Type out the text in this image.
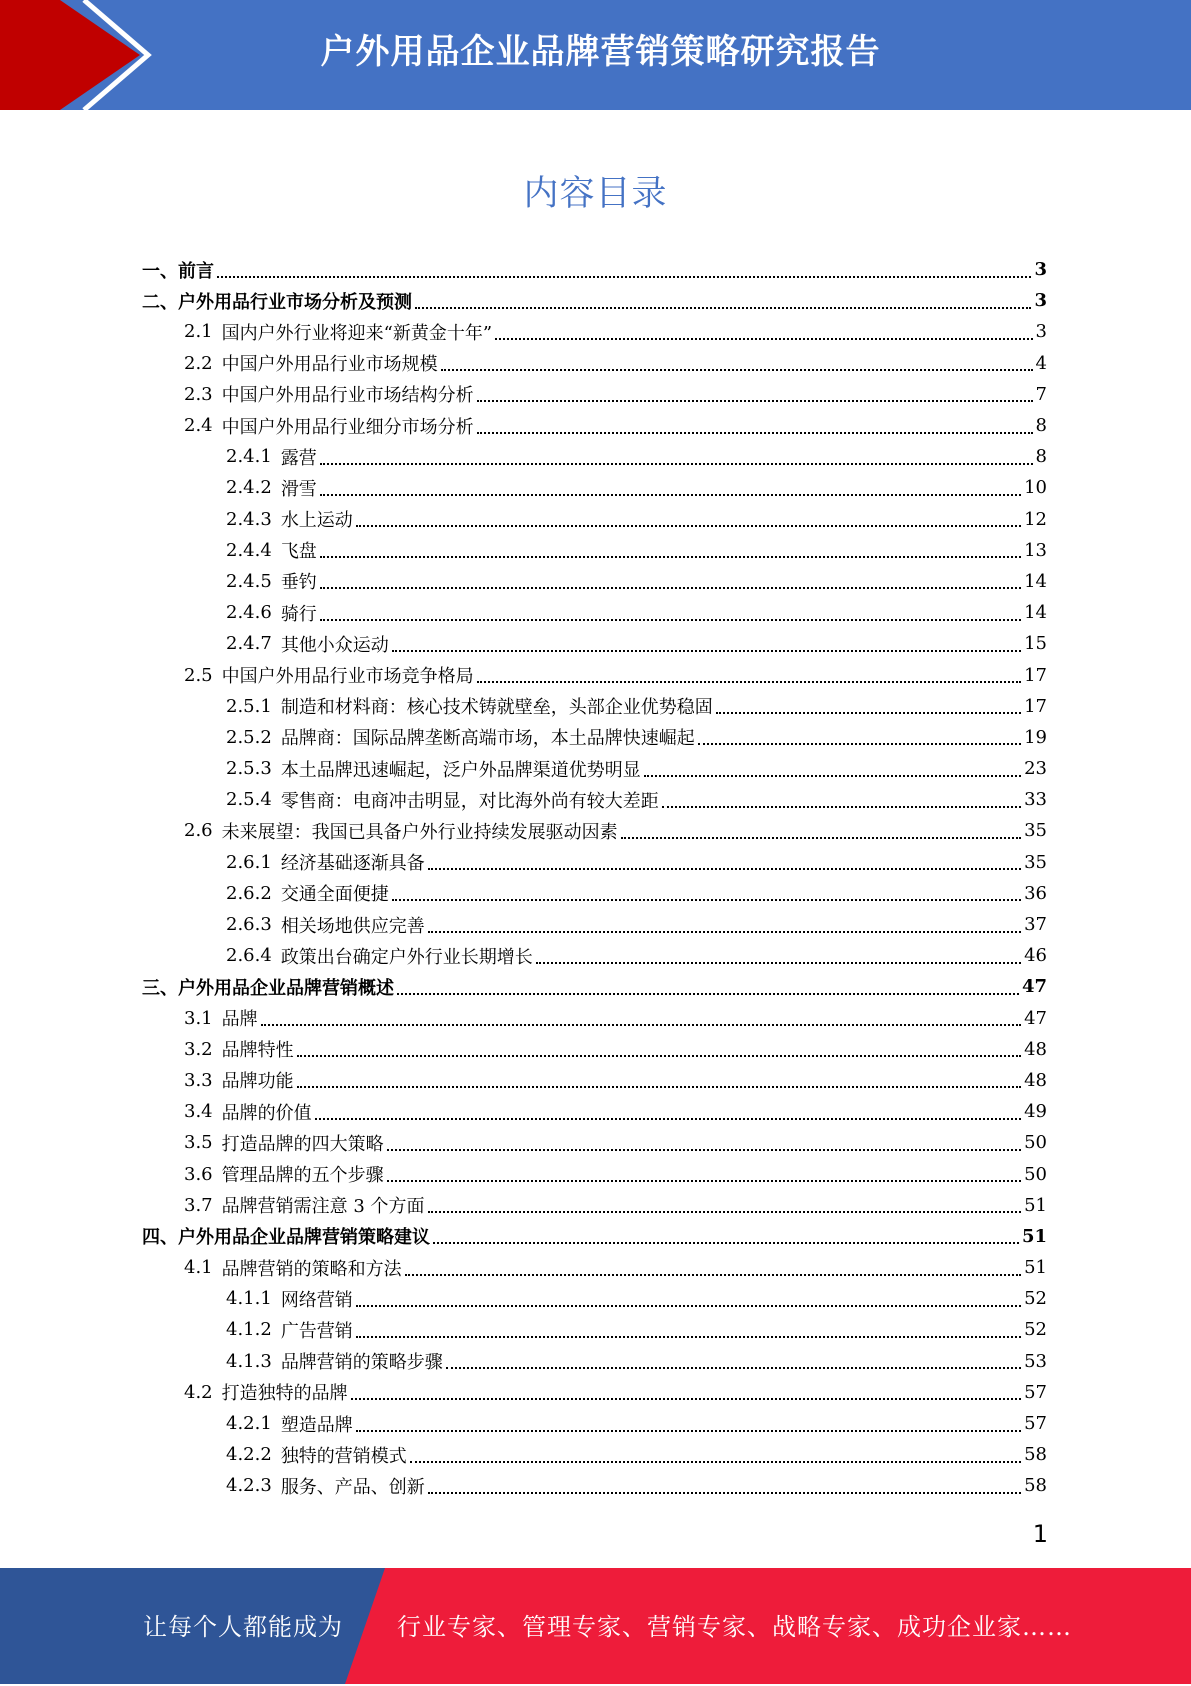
户外用品企业品牌营销策略研究报告
内容目录
一、前言	3
二、户外用品行业市场分析及预测	3
2.1 国内户外行业将迎来“新黄金十年”	3
2.2 中国户外用品行业市场规模	4
2.3 中国户外用品行业市场结构分析	7
2.4 中国户外用品行业细分市场分析	8
2.4.1 露营	8
2.4.2 滑雪	10
2.4.3 水上运动	12
2.4.4 飞盘	13
2.4.5 垂钓	14
2.4.6 骑行	14
2.4.7 其他小众运动	15
2.5 中国户外用品行业市场竞争格局	17
2.5.1 制造和材料商：核心技术铸就壁垒，头部企业优势稳固	17
2.5.2 品牌商：国际品牌垄断高端市场，本土品牌快速崛起	19
2.5.3 本土品牌迅速崛起，泛户外品牌渠道优势明显	23
2.5.4 零售商：电商冲击明显，对比海外尚有较大差距	33
2.6 未来展望：我国已具备户外行业持续发展驱动因素	35
2.6.1 经济基础逐渐具备	35
2.6.2 交通全面便捷	36
2.6.3 相关场地供应完善	37
2.6.4 政策出台确定户外行业长期增长	46
三、户外用品企业品牌营销概述	47
3.1 品牌	47
3.2 品牌特性	48
3.3 品牌功能	48
3.4 品牌的价值	49
3.5 打造品牌的四大策略	50
3.6 管理品牌的五个步骤	50
3.7 品牌营销需注意 3 个方面	51
四、户外用品企业品牌营销策略建议	51
4.1 品牌营销的策略和方法	51
4.1.1 网络营销	52
4.1.2 广告营销	52
4.1.3 品牌营销的策略步骤	53
4.2 打造独特的品牌	57
4.2.1 塑造品牌	57
4.2.2 独特的营销模式	58
4.2.3 服务、产品、创新	58
1
让每个人都能成为 行业专家、管理专家、营销专家、战略专家、成功企业家……
